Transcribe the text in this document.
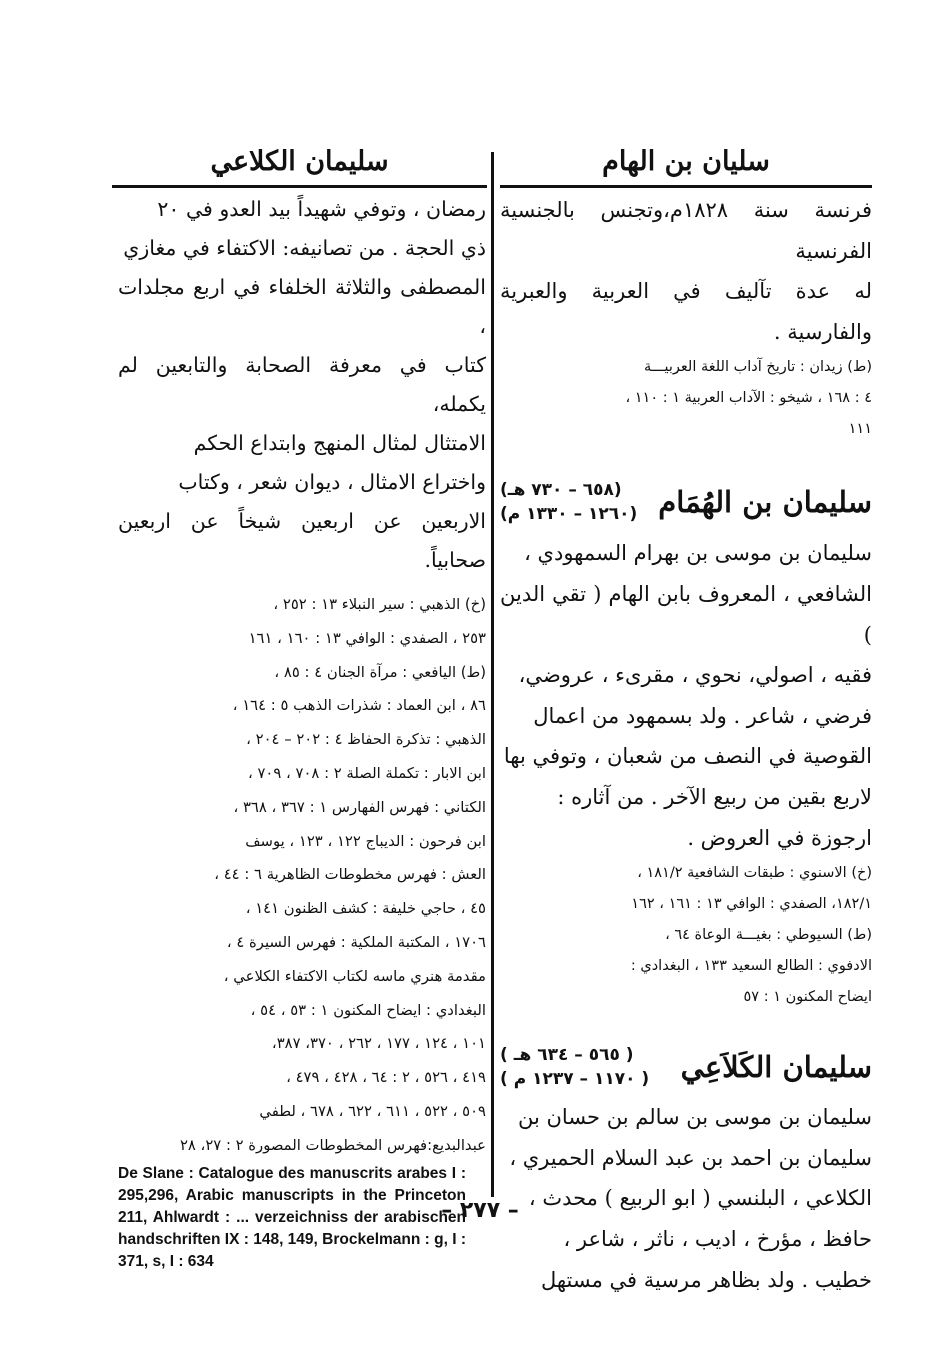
سليان بن الهام
سليمان الكلاعي

فرنسة سنة ۱۸۲۸م،وتجنس بالجنسية الفرنسية

له عدة تآليف في العربية والعبرية والفارسية .

(ط) زيدان : تاريخ آداب اللغة العربيـــة

٤ : ١٦٨ ، شيخو : الآداب العربية ١ : ١١٠ ،

١١١

سليمان بن الهُمَام
(٦٥٨ – ٧٣٠ هـ)
(١٢٦٠ – ١٣٣٠ م)

سليمان بن موسى بن بهرام السمهودي ،

الشافعي ، المعروف بابن الهام ( تقي الدين )

فقيه ، اصولي، نحوي ، مقرىء ، عروضي،

فرضي ، شاعر . ولد بسمهود من اعمال

القوصية في النصف من شعبان ، وتوفي بها

لاربع بقين من ربيع الآخر . من آثاره :

ارجوزة في العروض .

(خ) الاسنوي : طبقات الشافعية ١٨١/٢ ،

١٨٢/١، الصفدي : الوافي ١٣ : ١٦١ ، ١٦٢

(ط) السيوطي : بغيـــة الوعاة ٦٤ ،

الادفوي : الطالع السعيد ١٣٣ ، البغدادي :

ايضاح المكنون ١ : ٥٧

سليمان الكَلاَعِي
( ٥٦٥ – ٦٣٤ هـ )
( ١١٧٠ – ١٢٣٧ م )

سليمان بن موسى بن سالم بن حسان بن

سليمان بن احمد بن عبد السلام الحميري ،

الكلاعي ، البلنسي ( ابو الربيع ) محدث ،

حافظ ، مؤرخ ، اديب ، ناثر ، شاعر ،

خطيب . ولد بظاهر مرسية في مستهل

رمضان ، وتوفي شهيداً بيد العدو في ٢٠

ذي الحجة . من تصانيفه: الاكتفاء في مغازي

المصطفى والثلاثة الخلفاء في اربع مجلدات ،

كتاب في معرفة الصحابة والتابعين لم يكمله،

الامتثال لمثال المنهج وابتداع الحكم

واختراع الامثال ، ديوان شعر ، وكتاب

الاربعين عن اربعين شيخاً عن اربعين صحابياً.

(خ) الذهبي : سير النبلاء ١٣ : ٢٥٢ ،

٢٥٣ ، الصفدي : الوافي ١٣ : ١٦٠ ، ١٦١

(ط) اليافعي : مرآة الجنان ٤ : ٨٥ ،

٨٦ ، ابن العماد : شذرات الذهب ٥ : ١٦٤ ،

الذهبي : تذكرة الحفاظ ٤ : ٢٠٢ – ٢٠٤ ،

ابن الابار : تكملة الصلة ٢ : ٧٠٨ ، ٧٠٩ ،

الكتاني : فهرس الفهارس ١ : ٣٦٧ ، ٣٦٨ ،

ابن فرحون : الديباج ١٢٢ ، ١٢٣ ، يوسف

العش : فهرس مخطوطات الظاهرية ٦ : ٤٤ ،

٤٥ ، حاجي خليفة : كشف الظنون ١٤١ ،

١٧٠٦ ، المكتبة الملكية : فهرس السيرة ٤ ،

مقدمة هنري ماسه لكتاب الاكتفاء الكلاعي ،

البغدادي : ايضاح المكنون ١ : ٥٣ ، ٥٤ ،

١٠١ ، ١٢٤ ، ١٧٧ ، ٢٦٢ ، ٣٧٠، ٣٨٧،

٤١٩ ، ٥٢٦ ، ٢ : ٦٤ ، ٤٢٨ ، ٤٧٩ ،

٥٠٩ ، ٥٢٢ ، ٦١١ ، ٦٢٢ ، ٦٧٨ ، لطفي

عبدالبديع:فهرس المخطوطات المصورة ٢ : ٢٧، ٢٨

De Slane : Catalogue des manuscrits arabes I : 295,296, Arabic manuscripts in the Princeton 211, Ahlwardt : ... verzeichniss der arabischen handschriften IX : 148, 149, Brockelmann : g, I : 371, s, I : 634

– ۲۷۷ –
